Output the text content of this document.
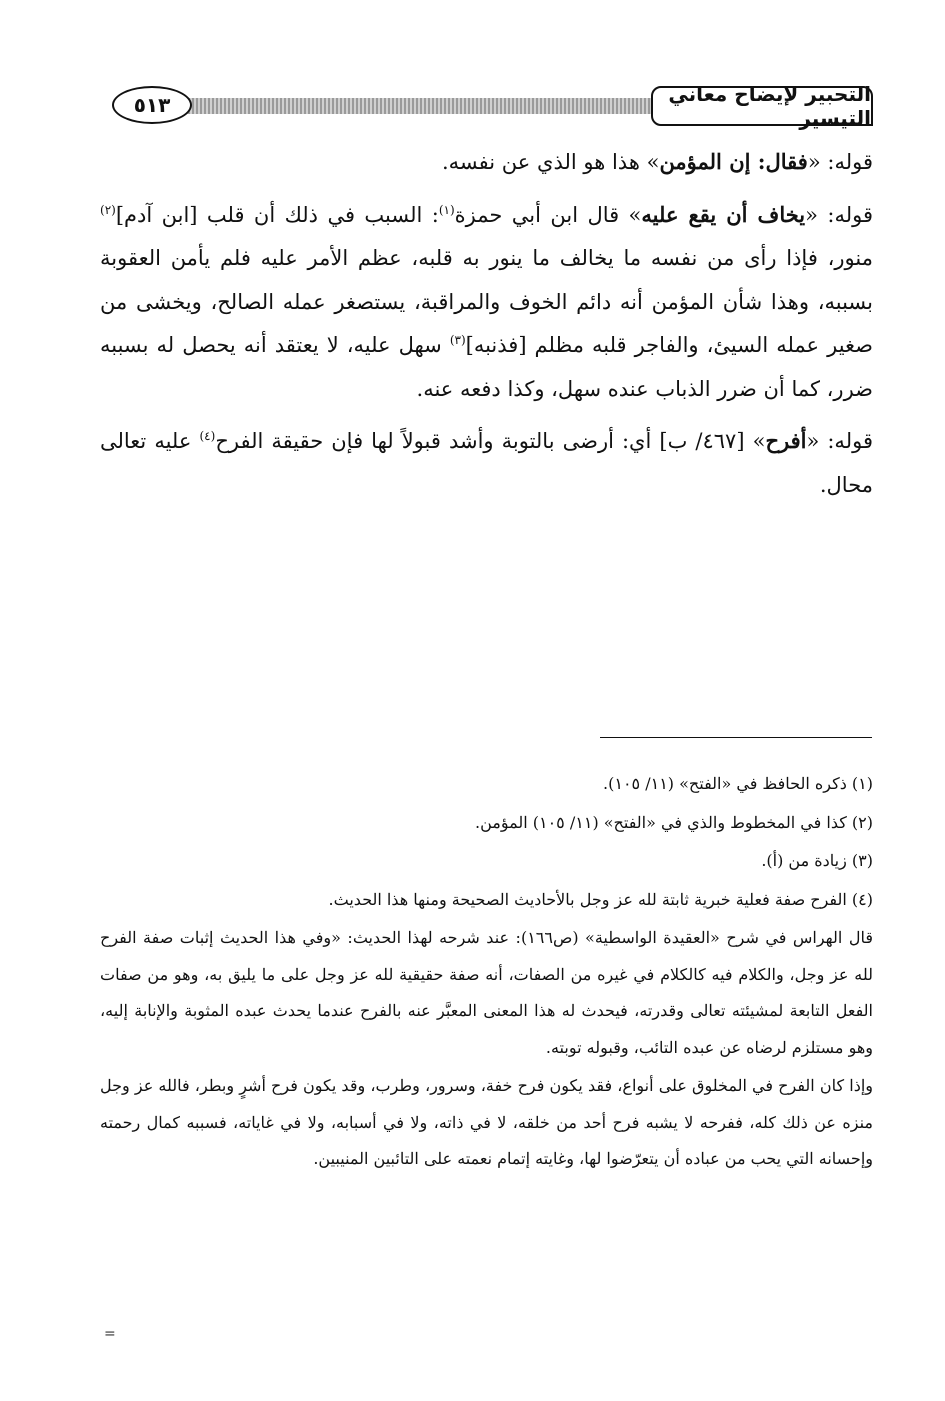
التحبير لإيضاح معاني التيسير
٥١٣

قوله: «فقال: إن المؤمن» هذا هو الذي عن نفسه.

قوله: «يخاف أن يقع عليه» قال ابن أبي حمزة$^{(١)}$: السبب في ذلك أن قلب [ابن آدم]$^{(٢)}$ منور، فإذا رأى من نفسه ما يخالف ما ينور به قلبه، عظم الأمر عليه فلم يأمن العقوبة بسببه، وهذا شأن المؤمن أنه دائم الخوف والمراقبة، يستصغر عمله الصالح، ويخشى من صغير عمله السيئ، والفاجر قلبه مظلم [فذنبه]$^{(٣)}$ سهل عليه، لا يعتقد أنه يحصل له بسببه ضرر، كما أن ضرر الذباب عنده سهل، وكذا دفعه عنه.

قوله: «أفرح» [٤٦٧/ ب] أي: أرضى بالتوبة وأشد قبولاً لها فإن حقيقة الفرح$^{(٤)}$ عليه تعالى محال.

(١) ذكره الحافظ في «الفتح» (١١/ ١٠٥).

(٢) كذا في المخطوط والذي في «الفتح» (١١/ ١٠٥) المؤمن.

(٣) زيادة من (أ).

(٤) الفرح صفة فعلية خبرية ثابتة لله عز وجل بالأحاديث الصحيحة ومنها هذا الحديث.

قال الهراس في شرح «العقيدة الواسطية» (ص١٦٦): عند شرحه لهذا الحديث: «وفي هذا الحديث إثبات صفة الفرح لله عز وجل، والكلام فيه كالكلام في غيره من الصفات، أنه صفة حقيقية لله عز وجل على ما يليق به، وهو من صفات الفعل التابعة لمشيئته تعالى وقدرته، فيحدث له هذا المعنى المعبَّر عنه بالفرح عندما يحدث عبده المثوبة والإنابة إليه، وهو مستلزم لرضاه عن عبده التائب، وقبوله توبته.

وإذا كان الفرح في المخلوق على أنواع، فقد يكون فرح خفة، وسرور، وطرب، وقد يكون فرح أشرٍ وبطر، فالله عز وجل منزه عن ذلك كله، ففرحه لا يشبه فرح أحد من خلقه، لا في ذاته، ولا في أسبابه، ولا في غاياته، فسببه كمال رحمته وإحسانه التي يحب من عباده أن يتعرّضوا لها، وغايته إتمام نعمته على التائبين المنيبين.

=
